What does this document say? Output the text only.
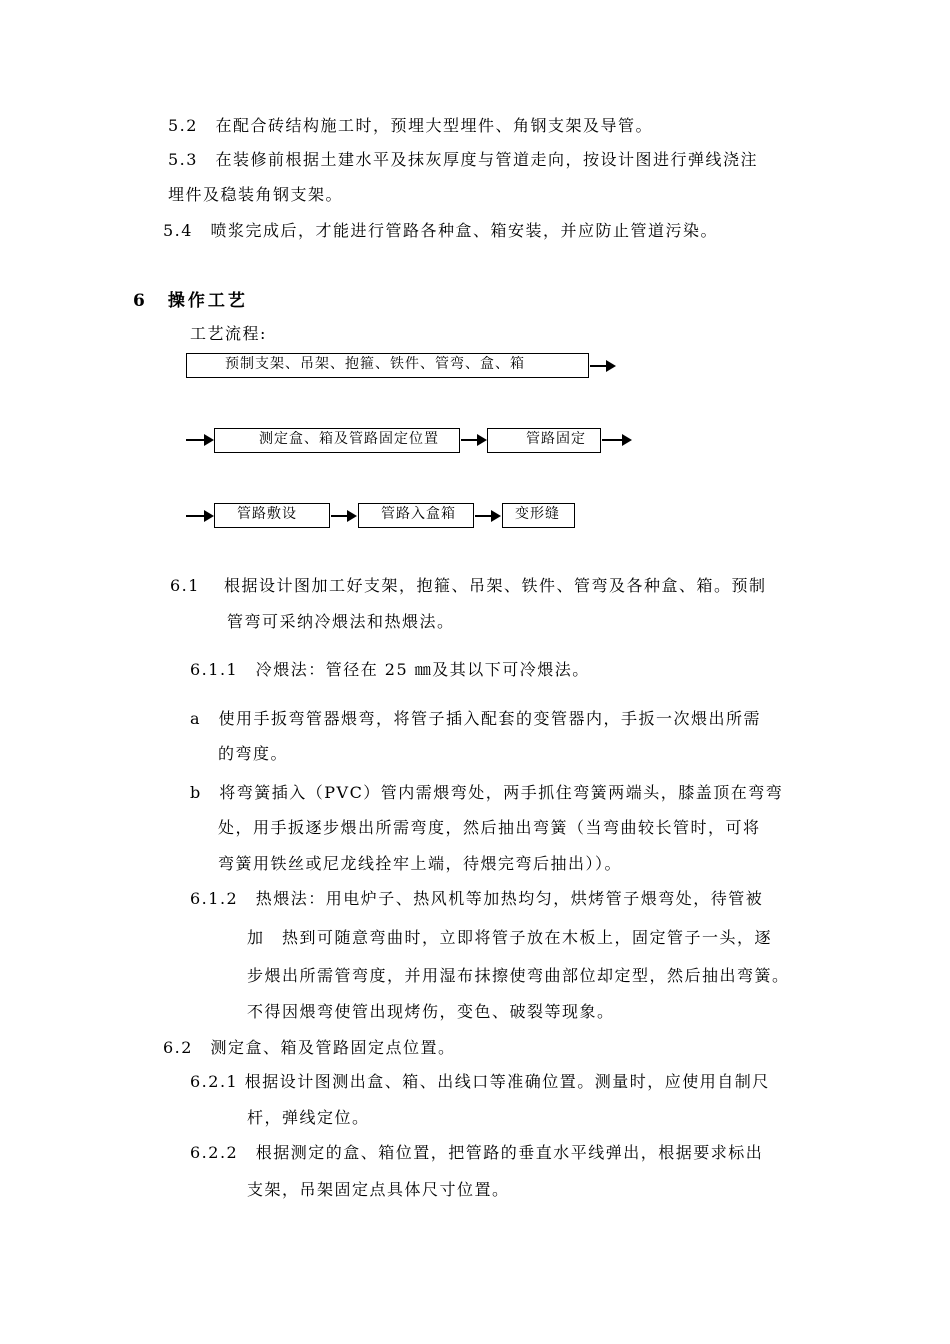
5.2　在配合砖结构施工时，预埋大型埋件、角钢支架及导管。
5.3　在装修前根据土建水平及抹灰厚度与管道走向，按设计图进行弹线浇注
埋件及稳装角钢支架。
5.4　喷浆完成后，才能进行管路各种盒、箱安装，并应防止管道污染。
6　操作工艺
工艺流程:
预制支架、吊架、抱箍、铁件、管弯、盒、箱
测定盒、箱及管路固定位置	管路固定
管路敷设	管路入盒箱	变形缝
6.1　 根据设计图加工好支架，抱箍、吊架、铁件、管弯及各种盒、箱。预制
管弯可采纳冷煨法和热煨法。
6.1.1　冷煨法：管径在 25 ㎜及其以下可冷煨法。
a　使用手扳弯管器煨弯，将管子插入配套的变管器内，手扳一次煨出所需
的弯度。
b　将弯簧插入（PVC）管内需煨弯处，两手抓住弯簧两端头，膝盖顶在弯弯
处，用手扳逐步煨出所需弯度，然后抽出弯簧（当弯曲较长管时，可将
弯簧用铁丝或尼龙线拴牢上端，待煨完弯后抽出））。
6.1.2　热煨法：用电炉子、热风机等加热均匀，烘烤管子煨弯处，待管被
加　热到可随意弯曲时，立即将管子放在木板上，固定管子一头，逐
步煨出所需管弯度，并用湿布抹擦使弯曲部位却定型，然后抽出弯簧。
不得因煨弯使管出现烤伤，变色、破裂等现象。
6.2　测定盒、箱及管路固定点位置。
6.2.1 根据设计图测出盒、箱、出线口等准确位置。测量时，应使用自制尺
杆，弹线定位。
6.2.2　根据测定的盒、箱位置，把管路的垂直水平线弹出，根据要求标出
支架，吊架固定点具体尺寸位置。
